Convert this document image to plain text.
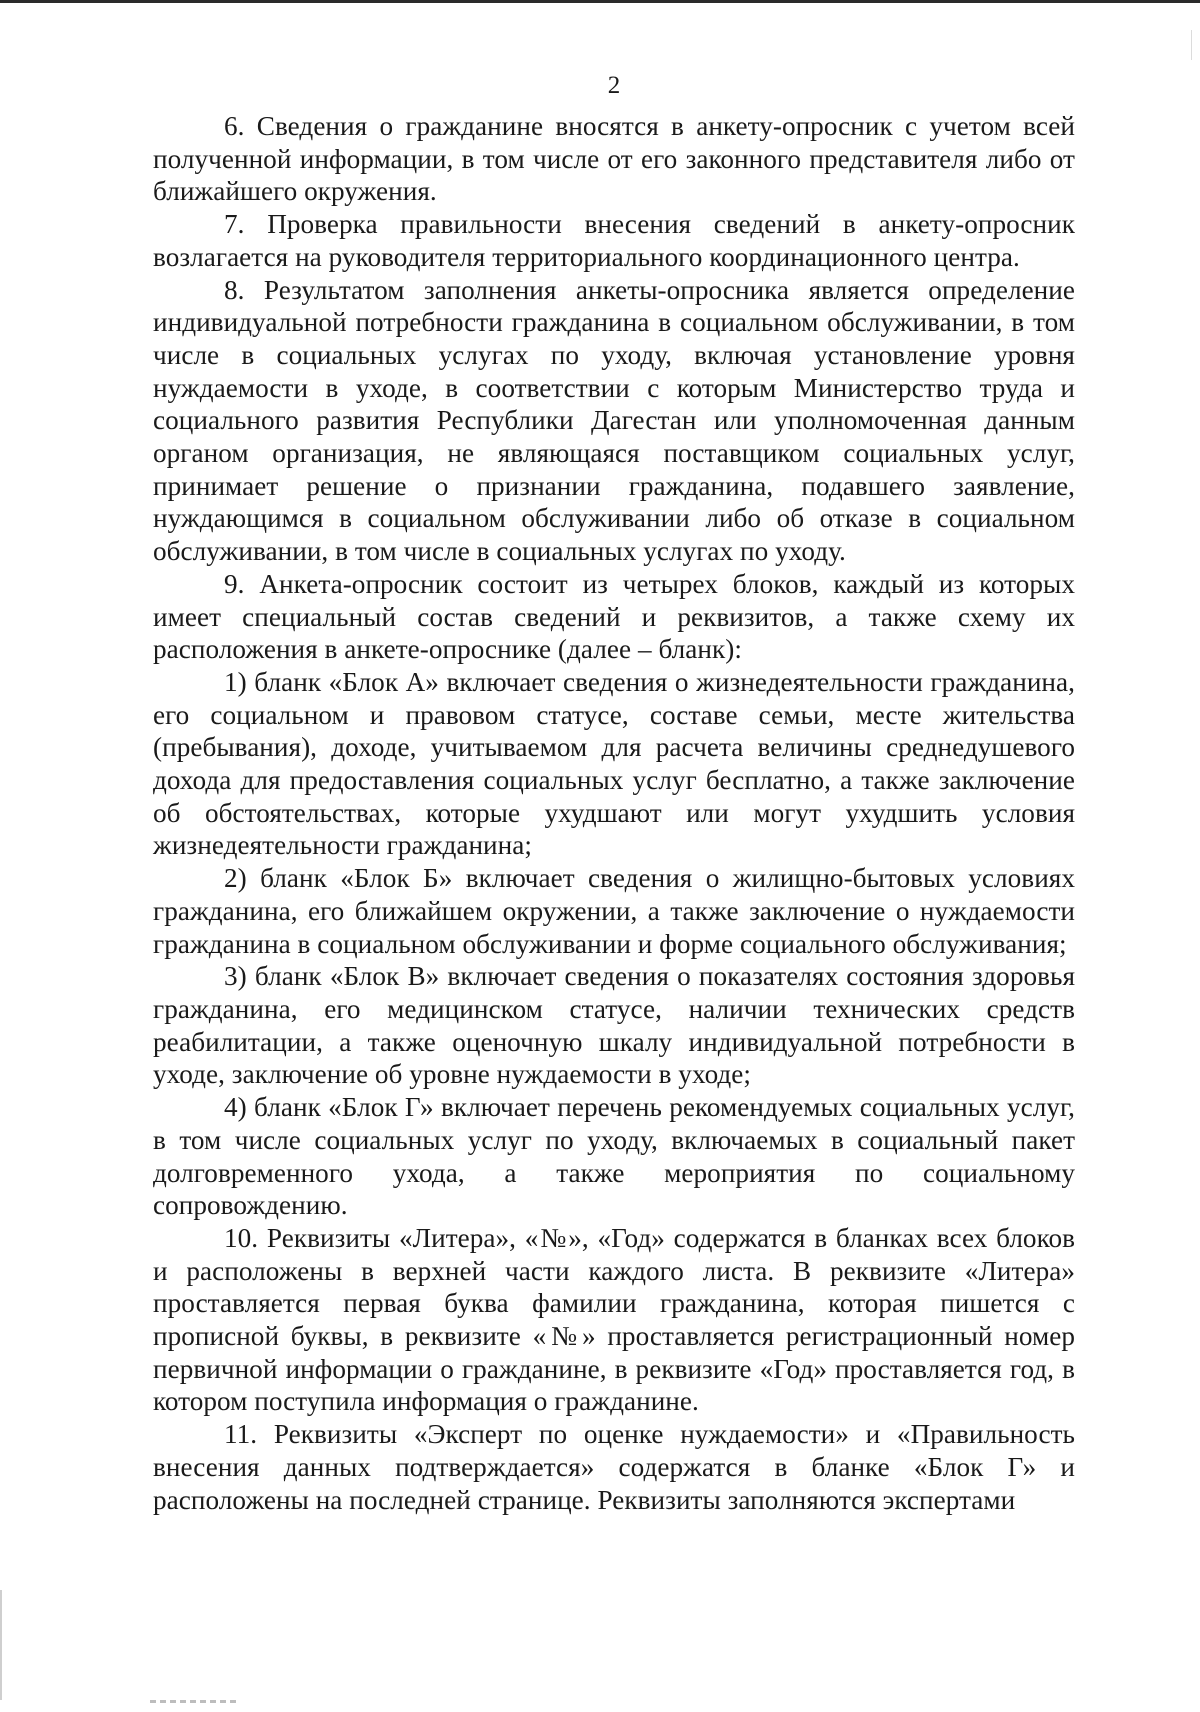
2

6. Сведения о гражданине вносятся в анкету-опросник с учетом всей полученной информации, в том числе от его законного представителя либо от ближайшего окружения.

7. Проверка правильности внесения сведений в анкету-опросник возлагается на руководителя территориального координационного центра.

8. Результатом заполнения анкеты-опросника является определение индивидуальной потребности гражданина в социальном обслуживании, в том числе в социальных услугах по уходу, включая установление уровня нуждаемости в уходе, в соответствии с которым Министерство труда и социального развития Республики Дагестан или уполномоченная данным органом организация, не являющаяся поставщиком социальных услуг, принимает решение о признании гражданина, подавшего заявление, нуждающимся в социальном обслуживании либо об отказе в социальном обслуживании, в том числе в социальных услугах по уходу.

9. Анкета-опросник состоит из четырех блоков, каждый из которых имеет специальный состав сведений и реквизитов, а также схему их расположения в анкете-опроснике (далее – бланк):

1) бланк «Блок А» включает сведения о жизнедеятельности гражданина, его социальном и правовом статусе, составе семьи, месте жительства (пребывания), доходе, учитываемом для расчета величины среднедушевого дохода для предоставления социальных услуг бесплатно, а также заключение об обстоятельствах, которые ухудшают или могут ухудшить условия жизнедеятельности гражданина;

2) бланк «Блок Б» включает сведения о жилищно-бытовых условиях гражданина, его ближайшем окружении, а также заключение о нуждаемости гражданина в социальном обслуживании и форме социального обслуживания;

3) бланк «Блок В» включает сведения о показателях состояния здоровья гражданина, его медицинском статусе, наличии технических средств реабилитации, а также оценочную шкалу индивидуальной потребности в уходе, заключение об уровне нуждаемости в уходе;

4) бланк «Блок Г» включает перечень рекомендуемых социальных услуг, в том числе социальных услуг по уходу, включаемых в социальный пакет долговременного ухода, а также мероприятия по социальному сопровождению.

10. Реквизиты «Литера», «№», «Год» содержатся в бланках всех блоков и расположены в верхней части каждого листа. В реквизите «Литера» проставляется первая буква фамилии гражданина, которая пишется с прописной буквы, в реквизите «№» проставляется регистрационный номер первичной информации о гражданине, в реквизите «Год» проставляется год, в котором поступила информация о гражданине.

11. Реквизиты «Эксперт по оценке нуждаемости» и «Правильность внесения данных подтверждается» содержатся в бланке «Блок Г» и расположены на последней странице. Реквизиты заполняются экспертами
